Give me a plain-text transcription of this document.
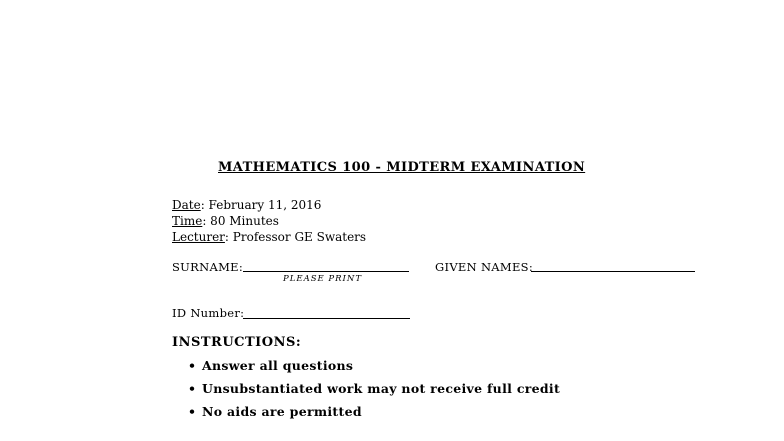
MATHEMATICS 100 - MIDTERM EXAMINATION
Date: February 11, 2016
Time: 80 Minutes
Lecturer: Professor GE Swaters
SURNAME:
PLEASE PRINT
GIVEN NAMES:
ID Number:
INSTRUCTIONS:
• Answer all questions
• Unsubstantiated work may not receive full credit
• No aids are permitted
